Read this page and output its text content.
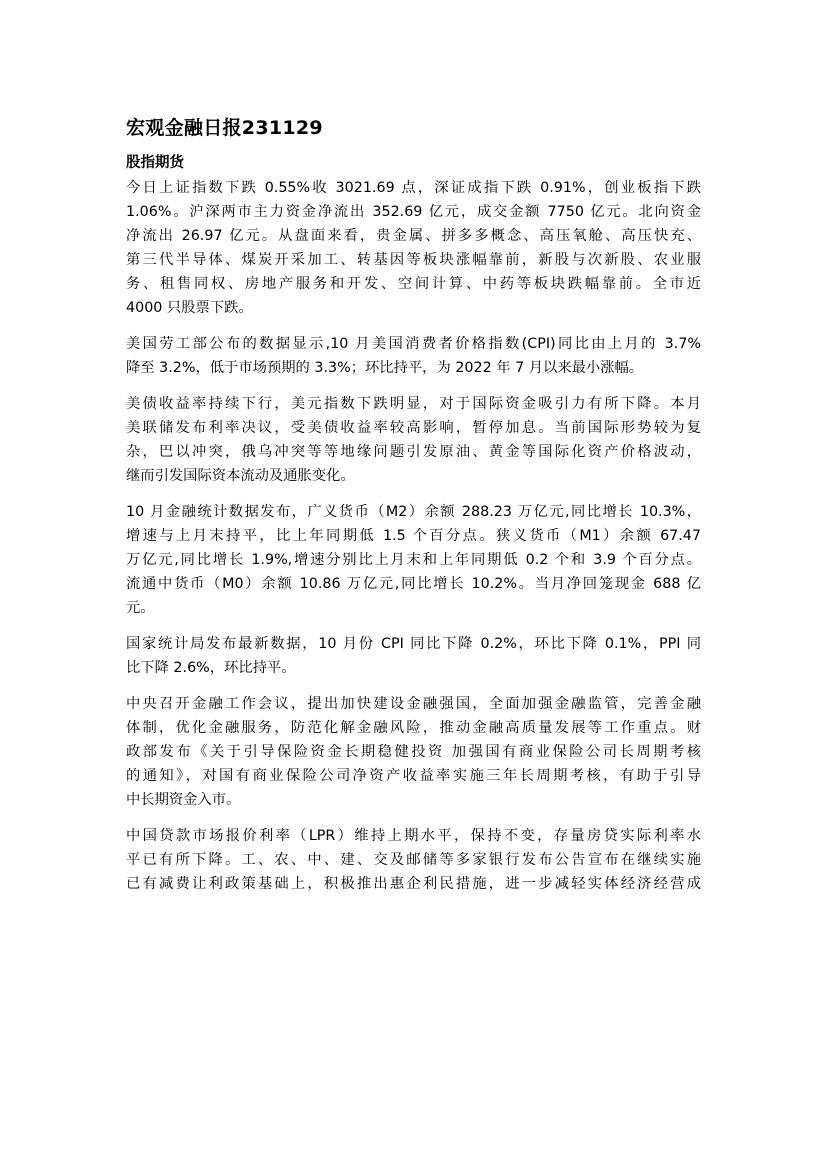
宏观金融日报231129
股指期货
今日上证指数下跌 0.55%收 3021.69 点，深证成指下跌 0.91%，创业板指下跌
1.06%。沪深两市主力资金净流出 352.69 亿元，成交金额 7750 亿元。北向资金
净流出 26.97 亿元。从盘面来看，贵金属、拼多多概念、高压氧舱、高压快充、
第三代半导体、煤炭开采加工、转基因等板块涨幅靠前，新股与次新股、农业服
务、租售同权、房地产服务和开发、空间计算、中药等板块跌幅靠前。全市近
4000 只股票下跌。
美国劳工部公布的数据显示,10 月美国消费者价格指数(CPI)同比由上月的 3.7%
降至 3.2%，低于市场预期的 3.3%；环比持平，为 2022 年 7 月以来最小涨幅。
美债收益率持续下行，美元指数下跌明显，对于国际资金吸引力有所下降。本月
美联储发布利率决议，受美债收益率较高影响，暂停加息。当前国际形势较为复
杂，巴以冲突，俄乌冲突等等地缘问题引发原油、黄金等国际化资产价格波动，
继而引发国际资本流动及通胀变化。
10 月金融统计数据发布，广义货币（M2）余额 288.23 万亿元,同比增长 10.3%，
增速与上月末持平，比上年同期低 1.5 个百分点。狭义货币（M1）余额 67.47
万亿元,同比增长 1.9%,增速分别比上月末和上年同期低 0.2 个和 3.9 个百分点。
流通中货币（M0）余额 10.86 万亿元,同比增长 10.2%。当月净回笼现金 688 亿
元。
国家统计局发布最新数据，10 月份 CPI 同比下降 0.2%，环比下降 0.1%，PPI 同
比下降 2.6%，环比持平。
中央召开金融工作会议，提出加快建设金融强国，全面加强金融监管，完善金融
体制，优化金融服务，防范化解金融风险，推动金融高质量发展等工作重点。财
政部发布《关于引导保险资金长期稳健投资 加强国有商业保险公司长周期考核
的通知》，对国有商业保险公司净资产收益率实施三年长周期考核，有助于引导
中长期资金入市。
中国贷款市场报价利率（LPR）维持上期水平，保持不变，存量房贷实际利率水
平已有所下降。工、农、中、建、交及邮储等多家银行发布公告宣布在继续实施
已有减费让利政策基础上，积极推出惠企利民措施，进一步减轻实体经济经营成
